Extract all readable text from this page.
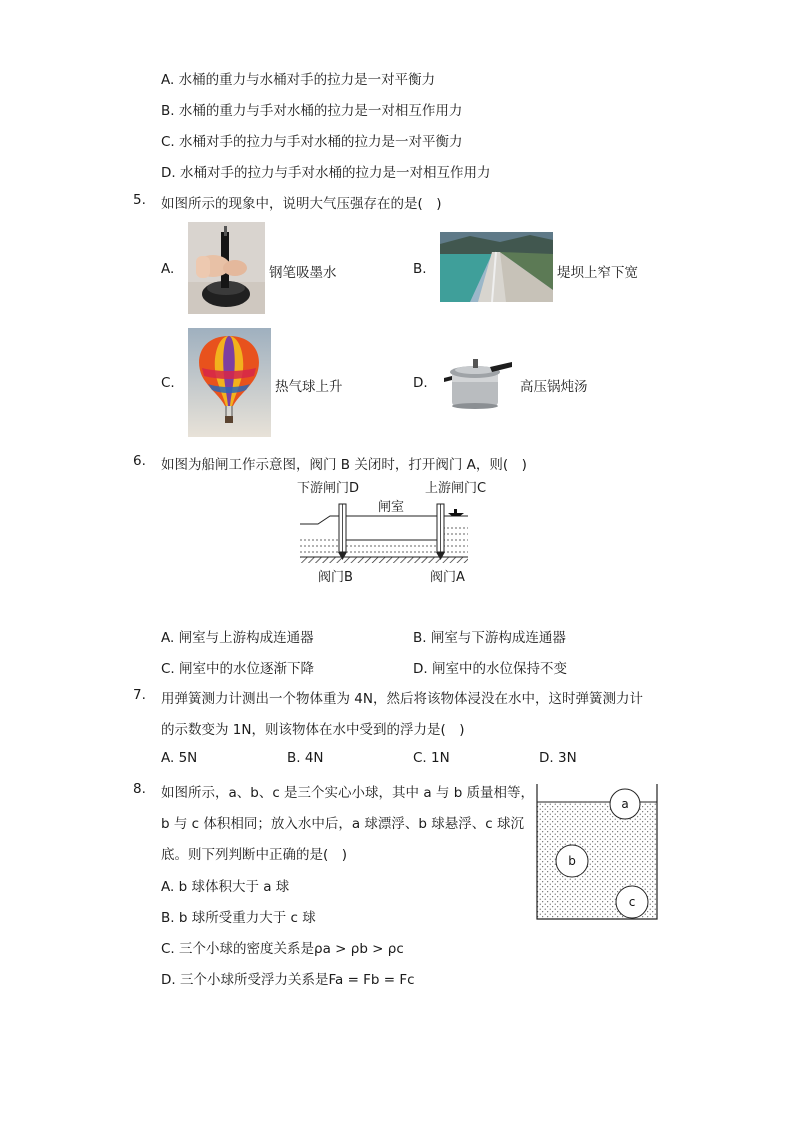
A. 水桶的重力与水桶对手的拉力是一对平衡力
B. 水桶的重力与手对水桶的拉力是一对相互作用力
C. 水桶对手的拉力与手对水桶的拉力是一对平衡力
D. 水桶对手的拉力与手对水桶的拉力是一对相互作用力
5. 如图所示的现象中，说明大气压强存在的是(　)
A.	钢笔吸墨水	B.	堤坝上窄下宽
C.	热气球上升	D.	高压锅炖汤
6. 如图为船闸工作示意图，阀门 B 关闭时，打开阀门 A，则(　)
下游闸门D	上游闸门C
闸室
阀门B	阀门A
A. 闸室与上游构成连通器	B. 闸室与下游构成连通器
C. 闸室中的水位逐渐下降	D. 闸室中的水位保持不变
7. 用弹簧测力计测出一个物体重为 4N，然后将该物体浸没在水中，这时弹簧测力计
的示数变为 1N，则该物体在水中受到的浮力是(　)
A. 5N	B. 4N	C. 1N	D. 3N
8. 如图所示，a、b、c 是三个实心小球，其中 a 与 b 质量相等，
b 与 c 体积相同；放入水中后，a 球漂浮、b 球悬浮、c 球沉
底。则下列判断中正确的是(　)
A. b 球体积大于 a 球
B. b 球所受重力大于 c 球
C. 三个小球的密度关系是ρa > ρb > ρc
D. 三个小球所受浮力关系是Fa = Fb = Fc
a
b
c
